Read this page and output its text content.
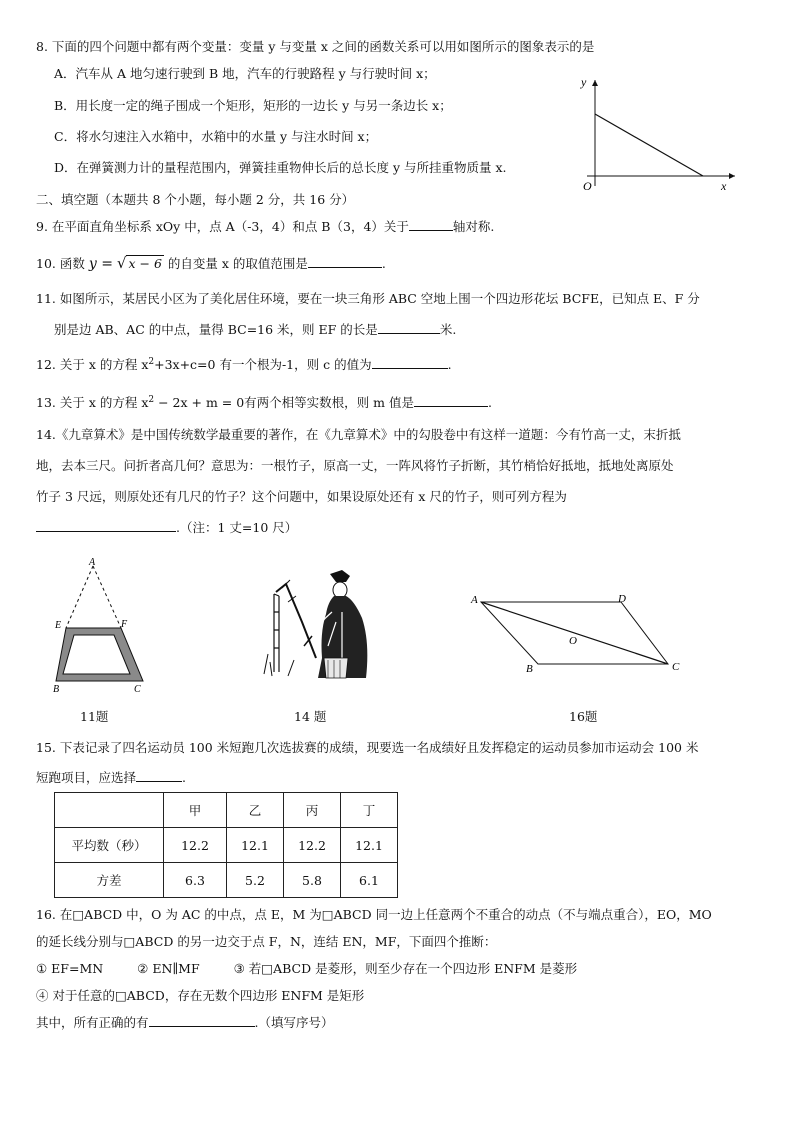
8. 下面的四个问题中都有两个变量：变量 y 与变量 x 之间的函数关系可以用如图所示的图象表示的是
A．汽车从 A 地匀速行驶到 B 地，汽车的行驶路程 y 与行驶时间 x；
B．用长度一定的绳子围成一个矩形，矩形的一边长 y 与另一条边长 x；
C．将水匀速注入水箱中，水箱中的水量 y 与注水时间 x；
D．在弹簧测力计的量程范围内，弹簧挂重物伸长后的总长度 y 与所挂重物质量 x.
y
x
O
二、填空题（本题共 8 个小题，每小题 2 分，共 16 分）
9. 在平面直角坐标系 xOy 中，点 A（-3，4）和点 B（3，4）关于	轴对称.
10. 函数 y = √ x − 6 的自变量 x 的取值范围是	.
11. 如图所示，某居民小区为了美化居住环境，要在一块三角形 ABC 空地上围一个四边形花坛 BCFE，已知点 E、F 分
别是边 AB、AC 的中点，量得 BC=16 米，则 EF 的长是	米.
12. 关于 x 的方程 $x^2+3x+c=0$ 有一个根为-1，则 c 的值为	.
13. 关于 x 的方程 $x^2 - 2x + m = 0$有两个相等实数根，则 m 值是	.
14.《九章算术》是中国传统数学最重要的著作，在《九章算术》中的勾股卷中有这样一道题：今有竹高一丈，末折抵
地，去本三尺。问折者高几何？意思为：一根竹子，原高一丈，一阵风将竹子折断，其竹梢恰好抵地，抵地处离原处
竹子 3 尺远，则原处还有几尺的竹子？这个问题中，如果设原处还有 x 尺的竹子，则可列方程为
.（注：1 丈=10 尺）
A
E	F
B	C
11题	14 题
A	D
O
B	C
16题
15. 下表记录了四名运动员 100 米短跑几次选拔赛的成绩，现要选一名成绩好且发挥稳定的运动员参加市运动会 100 米
短跑项目，应选择	.
	甲	乙	丙	丁
平均数（秒）	12.2	12.1	12.2	12.1
方差	6.3	5.2	5.8	6.1
16. 在□ABCD 中，O 为 AC 的中点，点 E，M 为□ABCD 同一边上任意两个不重合的动点（不与端点重合），EO，MO
的延长线分别与□ABCD 的另一边交于点 F，N，连结 EN，MF，下面四个推断：
① EF=MN	② EN∥MF	③ 若□ABCD 是菱形，则至少存在一个四边形 ENFM 是菱形
④ 对于任意的□ABCD，存在无数个四边形 ENFM 是矩形
其中，所有正确的有	.（填写序号）
